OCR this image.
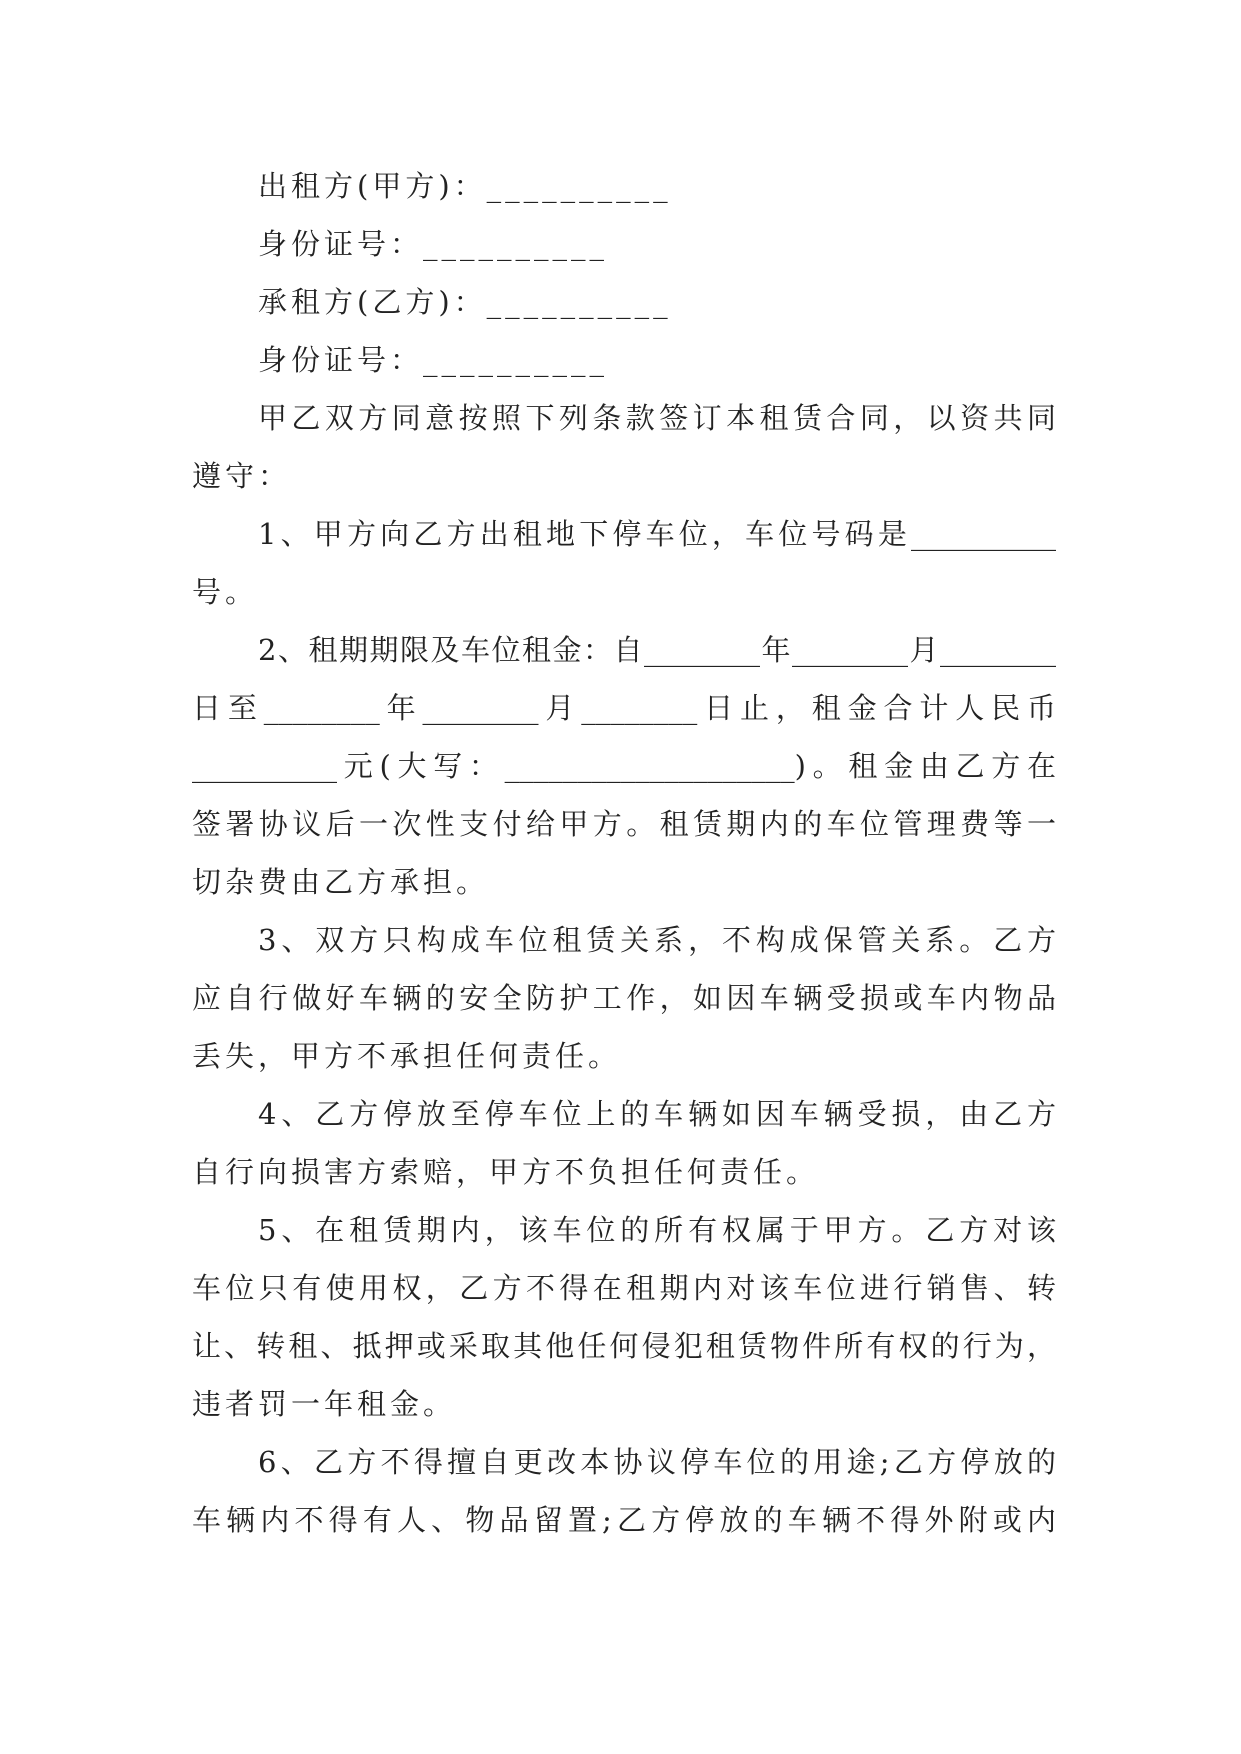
出租方(甲方)：__________
身份证号：__________
承租方(乙方)：__________
身份证号：__________
甲乙双方同意按照下列条款签订本租赁合同，以资共同
遵守：
1、甲方向乙方出租地下停车位，车位号码是__________
号。
2、租期期限及车位租金：自________年________月________
日至________年________月________日止，租金合计人民币
__________元(大写：____________________)。租金由乙方在
签署协议后一次性支付给甲方。租赁期内的车位管理费等一
切杂费由乙方承担。
3、双方只构成车位租赁关系，不构成保管关系。乙方
应自行做好车辆的安全防护工作，如因车辆受损或车内物品
丢失，甲方不承担任何责任。
4、乙方停放至停车位上的车辆如因车辆受损，由乙方
自行向损害方索赔，甲方不负担任何责任。
5、在租赁期内，该车位的所有权属于甲方。乙方对该
车位只有使用权，乙方不得在租期内对该车位进行销售、转
让、转租、抵押或采取其他任何侵犯租赁物件所有权的行为，
违者罚一年租金。
6、乙方不得擅自更改本协议停车位的用途;乙方停放的
车辆内不得有人、物品留置;乙方停放的车辆不得外附或内
